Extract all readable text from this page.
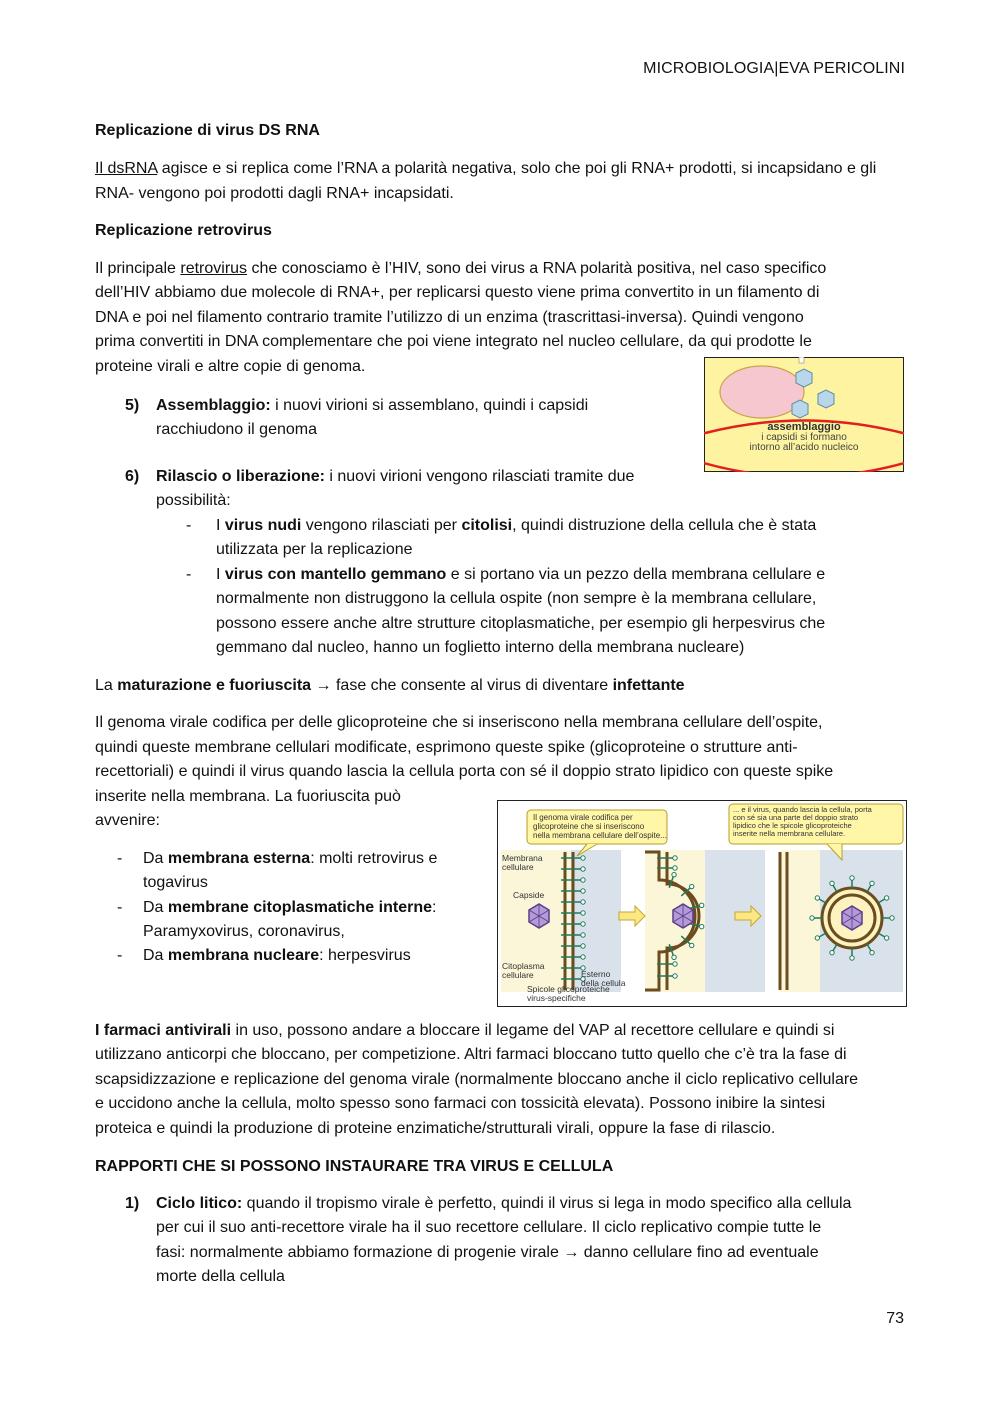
MICROBIOLOGIA|EVA PERICOLINI
Replicazione di virus DS RNA
Il dsRNA agisce e si replica come l’RNA a polarità negativa, solo che poi gli RNA+ prodotti, si incapsidano e gli RNA- vengono poi prodotti dagli RNA+ incapsidati.
Replicazione retrovirus
Il principale retrovirus che conosciamo è l’HIV, sono dei virus a RNA polarità positiva, nel caso specifico
dell’HIV abbiamo due molecole di RNA+, per replicarsi questo viene prima convertito in un filamento di
DNA e poi nel filamento contrario tramite l’utilizzo di un enzima (trascrittasi-inversa). Quindi vengono
prima convertiti in DNA complementare che poi viene integrato nel nucleo cellulare, da qui prodotte le
proteine virali e altre copie di genoma.
5) Assemblaggio: i nuovi virioni si assemblano, quindi i capsidi
racchiudono il genoma	assemblaggio
i capsidi si formano
intorno all’acido nucleico
6) Rilascio o liberazione: i nuovi virioni vengono rilasciati tramite due
possibilità:
- I virus nudi vengono rilasciati per citolisi, quindi distruzione della cellula che è stata
utilizzata per la replicazione
- I virus con mantello gemmano e si portano via un pezzo della membrana cellulare e
normalmente non distruggono la cellula ospite (non sempre è la membrana cellulare,
possono essere anche altre strutture citoplasmatiche, per esempio gli herpesvirus che
gemmano dal nucleo, hanno un foglietto interno della membrana nucleare)
La maturazione e fuoriuscita → fase che consente al virus di diventare infettante
Il genoma virale codifica per delle glicoproteine che si inseriscono nella membrana cellulare dell’ospite,
quindi queste membrane cellulari modificate, esprimono queste spike (glicoproteine o strutture anti-
recettoriali) e quindi il virus quando lascia la cellula porta con sé il doppio strato lipidico con queste spike
inserite nella membrana. La fuoriuscita può
avvenire:
- Da membrana esterna: molti retrovirus e
togavirus
- Da membrane citoplasmatiche interne:
Paramyxovirus, coronavirus,
- Da membrana nucleare: herpesvirus
Il genoma virale codifica per
glicoproteine che si inseriscono
nella membrana cellulare dell’ospite...
... e il virus, quando lascia la cellula, porta
con sé sia una parte del doppio strato
lipidico che le spicole glicoproteiche
inserite nella membrana cellulare.
Membrana
cellulare
Capside
Citoplasma
cellulare	Esterno
della cellula
Spicole glicoproteiche
virus-specifiche
I farmaci antivirali in uso, possono andare a bloccare il legame del VAP al recettore cellulare e quindi si
utilizzano anticorpi che bloccano, per competizione. Altri farmaci bloccano tutto quello che c’è tra la fase di
scapsidizzazione e replicazione del genoma virale (normalmente bloccano anche il ciclo replicativo cellulare
e uccidono anche la cellula, molto spesso sono farmaci con tossicità elevata). Possono inibire la sintesi
proteica e quindi la produzione di proteine enzimatiche/strutturali virali, oppure la fase di rilascio.
RAPPORTI CHE SI POSSONO INSTAURARE TRA VIRUS E CELLULA
1) Ciclo litico: quando il tropismo virale è perfetto, quindi il virus si lega in modo specifico alla cellula
per cui il suo anti-recettore virale ha il suo recettore cellulare. Il ciclo replicativo compie tutte le
fasi: normalmente abbiamo formazione di progenie virale → danno cellulare fino ad eventuale
morte della cellula
73
